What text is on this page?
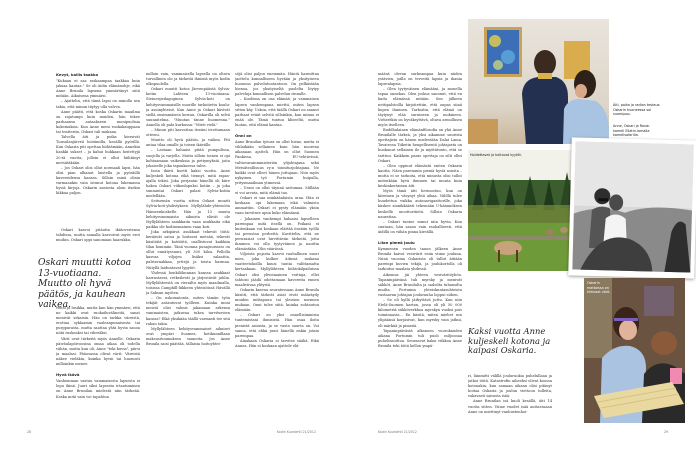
Kevyt, kallis taakka

"Kukaan ei saa raskaampaa taakkaa kuin jaksaa kantaa." Se oli äidin elämänohje, eikä Anne Brunila lapsena ymmärtänyt siitä mitään. Aikuisena ymmärsi.

– Ajattelin, että tämä lapsi on minulla sen takia, että minun täytyy olla valvva.

Anne päätti, että koska Oskarin maailma on rajatumpi kuin muiden, hän tekee parhaansa antaakseen monipuolisia kokemuksia. Kun Anne meni ruokakauppaan tai teatteriin, Oskari tuli mukana.

Talvella äiti ja poika kiersivät Tuusulanjärveä luistimilla, kesällä pyörillä. Kun Oskaria piti opettaa hiihtämään, Annekin hankki sukset – ja kahui hukkaan heitettyjä 20:tä vuotta, jolloin ei ollut hiihtänyt metsätäkään.

– Jos Oskari olisi ollut normaali lapsi, hän olisi pian alkanut luistella ja pyöräillä kavereidensa kanssa. Silloin minä olisin varmaankin vain istunut kotona lukemassa hyviä kirjoja. Oskarin ansiosta aloin itsekin liikkua paljon.

Oskari kasvoi pitäutta ikätoveriensa tahdissa, mutta samalla kasvoivat myös erot muihin. Oskari oppi sanomaan haarukka,

Oskari muutti kotoa 13-vuotiaana. Muutto oli hyvä päätös, ja kauhean vaikea.

veitsi ja lusikka, mutta kun hän ymmärsi, että ne kaikki ovat ruokailuvälineitä, sanat menivät sekaisin. Hän on tarkka väreistä, erottaa syklaamin vaaleanpunaisesta tai purppurasta, mutta saattaa yhtä hyvin sanoa niitä ruskeaksi tai vihreäksi.

Värit ovat tärkeitä myös Annelle. Oskarin päiväulapöivoosina omaa aikaa oli todella vähän, mutta kun oli, Anne "teki kuvia", piirsi ja maalasi. Pääosassa olivat värit. Väreistä näkee vieläkin, kuinka hyvin tai huonosti milloinkin menee.

Hyvä ikävä

Vanhemman vastuu vammaisesta lapsesta ei lopu ikinä. Juuri siksi lapsesta irtautuminen on Anne Brunilan mielestä niin tärkeää. Koska mitä vain voi tapahtua

milloin vain, vammaisella lapsella on oltava turvallinen olo ja tärkeitä ihmisiä myös kodin ulkopuolella.

Oskari muutti kotoa Järvenpäästä Sylvia-kotiin Lahteen 13-vuotiaana. Steinerpedagoginen Sylvia-koti on kehitysvammaisille nuorille tarkoitettu koulu- ja asuinyhteisö. Kun Anne ja Oskari kävivät siellä ensimmäisen kerran, Oskarilla oli selvä suunnitelma. "Muutan tänne huomenna." Annella oli pala kurkussa: "Mieti vielä."

– Minun piti kasvattaa itseäni irrottamaan otteeni.

Muutto oli hyvä päätös, ja vaikea. Piti antaa tilaa omalle ja toisen ikävälle.

– Lastaan haluaisi pitää pumpulissa, suojella ja varjella. Mutta silloin toinen ei opi kohtaamaan vaikeuksia ja pettymyksiä, joita jokaiselle joka tapauksessa tulee.

Isoin ikävä koetti kaksi vuotta. Anne kuljeskeli kotona eikä tiennyt, mitä rapas-ajalla tekisi. Joka perjantai hänellä oli kiire hakea Oskari viikonlopuksi kotiin – ja joka sunnuntai Oskari palasi Sylvia-kotiin mielellään.

Seitsemän vuotta sitten Oskari muutti Sylvia-koti-yhdistyksen Myllylähde-yhteisöön Hämeenkoskelle. Hän ja 13 muuta kehitysvammaista aikuista elävät ole Myllylähteen asiakkaita vaan asukkaita eikä paikka ole kodinomainen vaan koti.

Joka arkipäivä asukkaat tekevät töitä: keräävät satoa ja hoitavat metsää, tekevät käsitöitä ja kotitöitä, osallistuvat kaikkiin tilan hommiin. Tänä vuonna punajuurisato on ollut ennätyssuuri, yli 300 kiloa. Pellolla kasvaa viljojen lisäksi salaattia, palsternakkaa, yrttejä ja toista harmaa. Niityllä laiduntavat lypytöt.

Yhdessä henkilökunnan kanssa asukkaat harrastavat, retkeilevät ja järjestävät juhlia. Myllylähteestä on vierailtu myös maailmalla, toisissa Camphill-liikkeen yhteisöissä Hävällä ja Saksan myöten.

– On uskomatonta, miten tämän työn tekijät antautuvat työlleen. Kuinka moni meistä olisi valmis jakamaan arkensa vammaisten, jatkuvaa tukea tarvitsevien kanssa? Eikä yksikään täällä varmasti tee sitä rahan takia.

Myllylähteen kehitysvammaiset aikuiset ovat ympäri Suomea, kotikunnillaan maksusitoumuksen saaneita. Jos Anne Brunila saisi päättää, tällaisia hoitoyhtei-

söjä olisi paljon enemmän. Häntä harmittaa jaottelu kunnalliseen hyvään ja yksityiseen huonoon palvelutuotantoon. On pelkästään hienoa, jos yksityiseltä puolelta löytyy palveluja kunnallisen palvelun rinnalle.

– Kuolema on osa elämää, ja vammaisen lapsen vanhempana miettii, miten lapsen sitten käy. Uskon, että täällä Oskari on saanut parhaat eväät selvitä silloinkin, kun minua ei enää ole. Tämä tuntuu kliseeltä, mutta luotan, että elämä kantaa.

Onni on

Anne Brunilan työura on ollut hieno, mutta ei vihlaikään sellainen kuin hän nuorena aikanaan ajatteli. Hän on ollut Suomen Pankissa, EU-tehtävissä, valtiovarainministeriön ylijohtajana sekä Metsäteollisuus ry:n toimitusjohtajana. Ne kaikki ovat olleet hänen juttujaan. Niin myös nykyinen työ Fortumin huipulla, yritysmaailman ytimessä.

– Urani on ollut täynnä sattumaa. Millään ei voi arvata, mitä elämä tuo.

Oskari ei saa minkäänlaista uraa. Hän ei koskaan opi lukemaan eikä valmistu ammattiin. Oskari ei pysty elämään yksin vaan tarvitsee apua koko elämänsä.

– Jokainen vanhempi haluaisi lapselleen parempaa mitä itsellä on. Poikani ei kuitenkaan voi koskaan elättää itseään työllä tai perustaa perhettä. Kuvittelin, että ne perusasiat ovat hirvittävän tärkeitä, jotta ihminen voi olla tyytyväinen ja nauttia elämästään. Olin väärässä.

Viljoista pojasta kasvoi rauhallinen nuori mies, joka kulkee äitinsä mukana vaatteetokoilla kuusi tuntia valittamatta kertaakaan. Myllylähteen hiihtokilpailuissa Oskari olisi ylivoimainen voittaja, ellei tahtoisi jäädä odottamaan kavereita ennen maaliviivaa ylitystä.

Oskarin kasvua seuratessaan Anne Brunila käsitti, että tärkeät asiat eivät määräydy muiden mittapuun tai yleisten normien mukaan. Onni tulee siitä, kuinka suhtautuu elämään.

– Oskari on yksi onnellisimmista tuntemistani ihmisistä. Hän osaa iloita pienistä asioista, ja se vasta suurta on. Voi sanoa, että ehkä juuri hänellä onkin jotain parempaa.

Ainakaan Oskaria ei tarvitse sääliä. Eikä Annea. Hän ei koskaan ajattele elä-

28	Kodin Kuvalehti 21/2012

määsä olevan surkeampaa kuin niiden ystävien, joilla on terveitä lapsia ja ihania lapsenlapsia.

– Olen tyytyväinen elämääni, ja monella tapaa onnekas. Olen joskus sanonut, että en kadu elämässä mitään. Sen jälkeen nettipalstoilla kirjoitettiin, että onpas siinä kopea ihminen. Tarkoitin, että elämä on täytynyt elää suruineen ja mokineen. Virheetkin on hyväksyttävä, oltava armollinen myös itselleen.

Buddhalainen elämänfilosofia on yhä Anne Brunilalle tärkeä, ja yksi aikamme suurista opettajista on hänen mielestään Dalai Lama. Tavatessa Tiibetin hengellisentä johtajasta on huokunut sellainen ilo ja myötätunto, että se tarttuu. Kaikkein paras opettaja on silti ollut Oskari.

– Olen oppinut elämästä eniten Oskarin kautta. Näen paremmin pieniä hyviä asioita – mutta ei se tarkoita, että minusta olisi tullut mitenkään hyvä ihminen tai muuta kuin keskinkertainen äiti.

Myös tämä äiti hermostuu, kun on kiireinen ja väsynyt yhtä aikaa. Välillä tulee huudettua vaikka autonavigaattorille, joka käskee sinnikkäästi tekemään U-käännöksen keskellä moottoritietä. Silloin Oskaria naurattaa.

– Oskari tuntee minut niin hyvin. Kun suutuan, hän sanoo vain rauhallisesti, että äidillä on vähän pinna kireällä.

Liian pimeä joulu

Kymmenen vuoden tauon jälkeen Anne Brunila kaivoi vesivärit esiin viime jouluna. Niinä vuosina Oskarista oli tullut äitiään parempi kuvien tekijä, ja joulukortolla oli tarkoitus maalata yhdessä.

Aikomus jäi yhteen vesiväritöyhön. Tapaninpäivänä tuli myrsky ja menivät sähköt, Anne Brunilalta ja sadoilta tuhansilta muilta. Fortumin yhteiskuntasuhteista vastaavan johtajan joulurauha loppui siihen.

– Se oli kyllä järkyttävä juttu. Kun niin Etelä-Suomen kartan, jossa oli yli 50 000 kilometriä sähköverkkoa myrskyn vuoksi pois toiminnasta... En käsitä, miten miehet sen ylipäänsä korjasivat, kun myrsky vain jatkui, oli märkää ja pimeää.

Tapaninpäivästä alkaneen vuorokauden aikana Fortumin tuli puoli miljoonaa puhelinsoittoa. Seuraavat kaksi viikkoa Anne Brunila teki töitä kellon ympä-

Äiti, poika ja radion testaus. Oskarin huoneessa soi suomipop.
Anne, Oskari ja Rosie-kameli Eilatin-lomalla kamelisafarilla.
Hoidettavat ja hoitavat kyytöt.
Kaksi vuotta Anne kuljeskeli kotona ja kaipasi Oskaria.

ri, lämmitti välillä jouluruokia puhelullaan ja jatkoi töitä. Katastrofin aiheeksi olivat koossa kotonakin, kun samaan aikaan olisi pitänyt hoitaa Oskaria ja joulun viettoon tulleita, vakavasti sairasta isää.

Anne Brunilan isä kuoli kesällä, äiti 14 vuotta sitten. Viime vuodet isää auttaessaan Anne on miettinyt vanhustenhoi-

Oskarin mattoissa on kirkkaat värit.
Kodin Kuvalehti 21/2012	29
